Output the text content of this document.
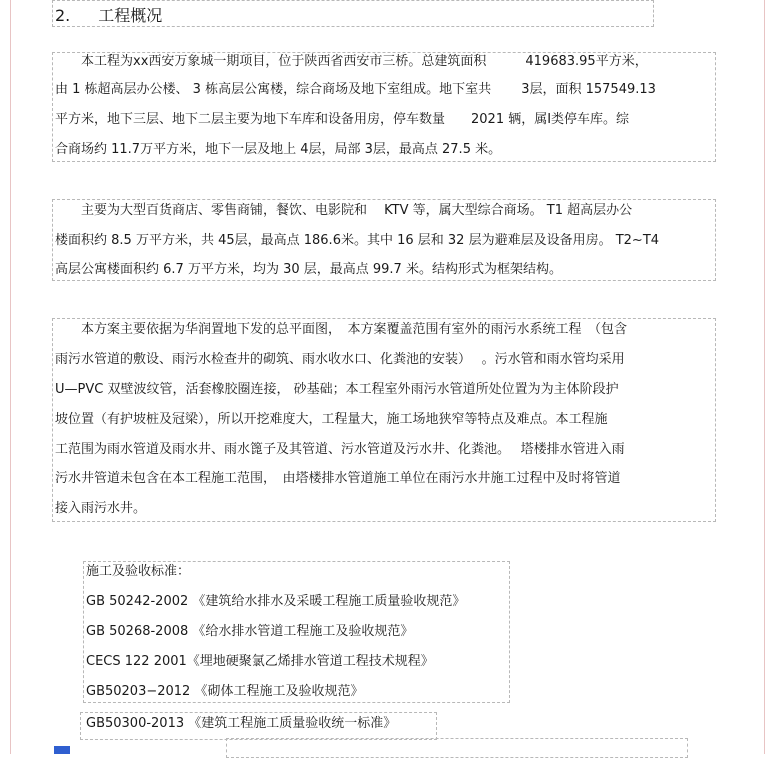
2. 工程概况
　　本工程为xx西安万象城一期项目，位于陕西省西安市三桥。总建筑面积　　　419683.95平方米，
由 1 栋超高层办公楼、 3 栋高层公寓楼，综合商场及地下室组成。地下室共　　 3层，面积 157549.13
平方米，地下三层、地下二层主要为地下车库和设备用房，停车数量　　2021 辆，属Ⅰ类停车库。综
合商场约 11.7万平方米，地下一层及地上 4层，局部 3层，最高点 27.5 米。
　　主要为大型百货商店、零售商铺，餐饮、电影院和　 KTV 等，属大型综合商场。 T1 超高层办公
楼面积约 8.5 万平方米，共 45层，最高点 186.6米。其中 16 层和 32 层为避难层及设备用房。 T2~T4
高层公寓楼面积约 6.7 万平方米，均为 30 层，最高点 99.7 米。结构形式为框架结构。
　　本方案主要依据为华润置地下发的总平面图，　本方案覆盖范围有室外的雨污水系统工程　（包含
雨污水管道的敷设、雨污水检查井的砌筑、雨水收水口、化粪池的安装）　 。污水管和雨水管均采用
U—PVC 双壁波纹管，活套橡胶圈连接， 砂基础；本工程室外雨污水管道所处位置为为主体阶段护
坡位置（有护坡桩及冠梁），所以开挖难度大，工程量大，施工场地狭窄等特点及难点。本工程施
工范围为雨水管道及雨水井、雨水篦子及其管道、污水管道及污水井、化粪池。　 塔楼排水管进入雨
污水井管道未包含在本工程施工范围，　由塔楼排水管道施工单位在雨污水井施工过程中及时将管道
接入雨污水井。
施工及验收标准：
GB 50242-2002 《建筑给水排水及采暖工程施工质量验收规范》
GB 50268-2008 《给水排水管道工程施工及验收规范》
CECS 122 2001《埋地硬聚氯乙烯排水管道工程技术规程》
GB50203−2012 《砌体工程施工及验收规范》
GB50300-2013 《建筑工程施工质量验收统一标准》
